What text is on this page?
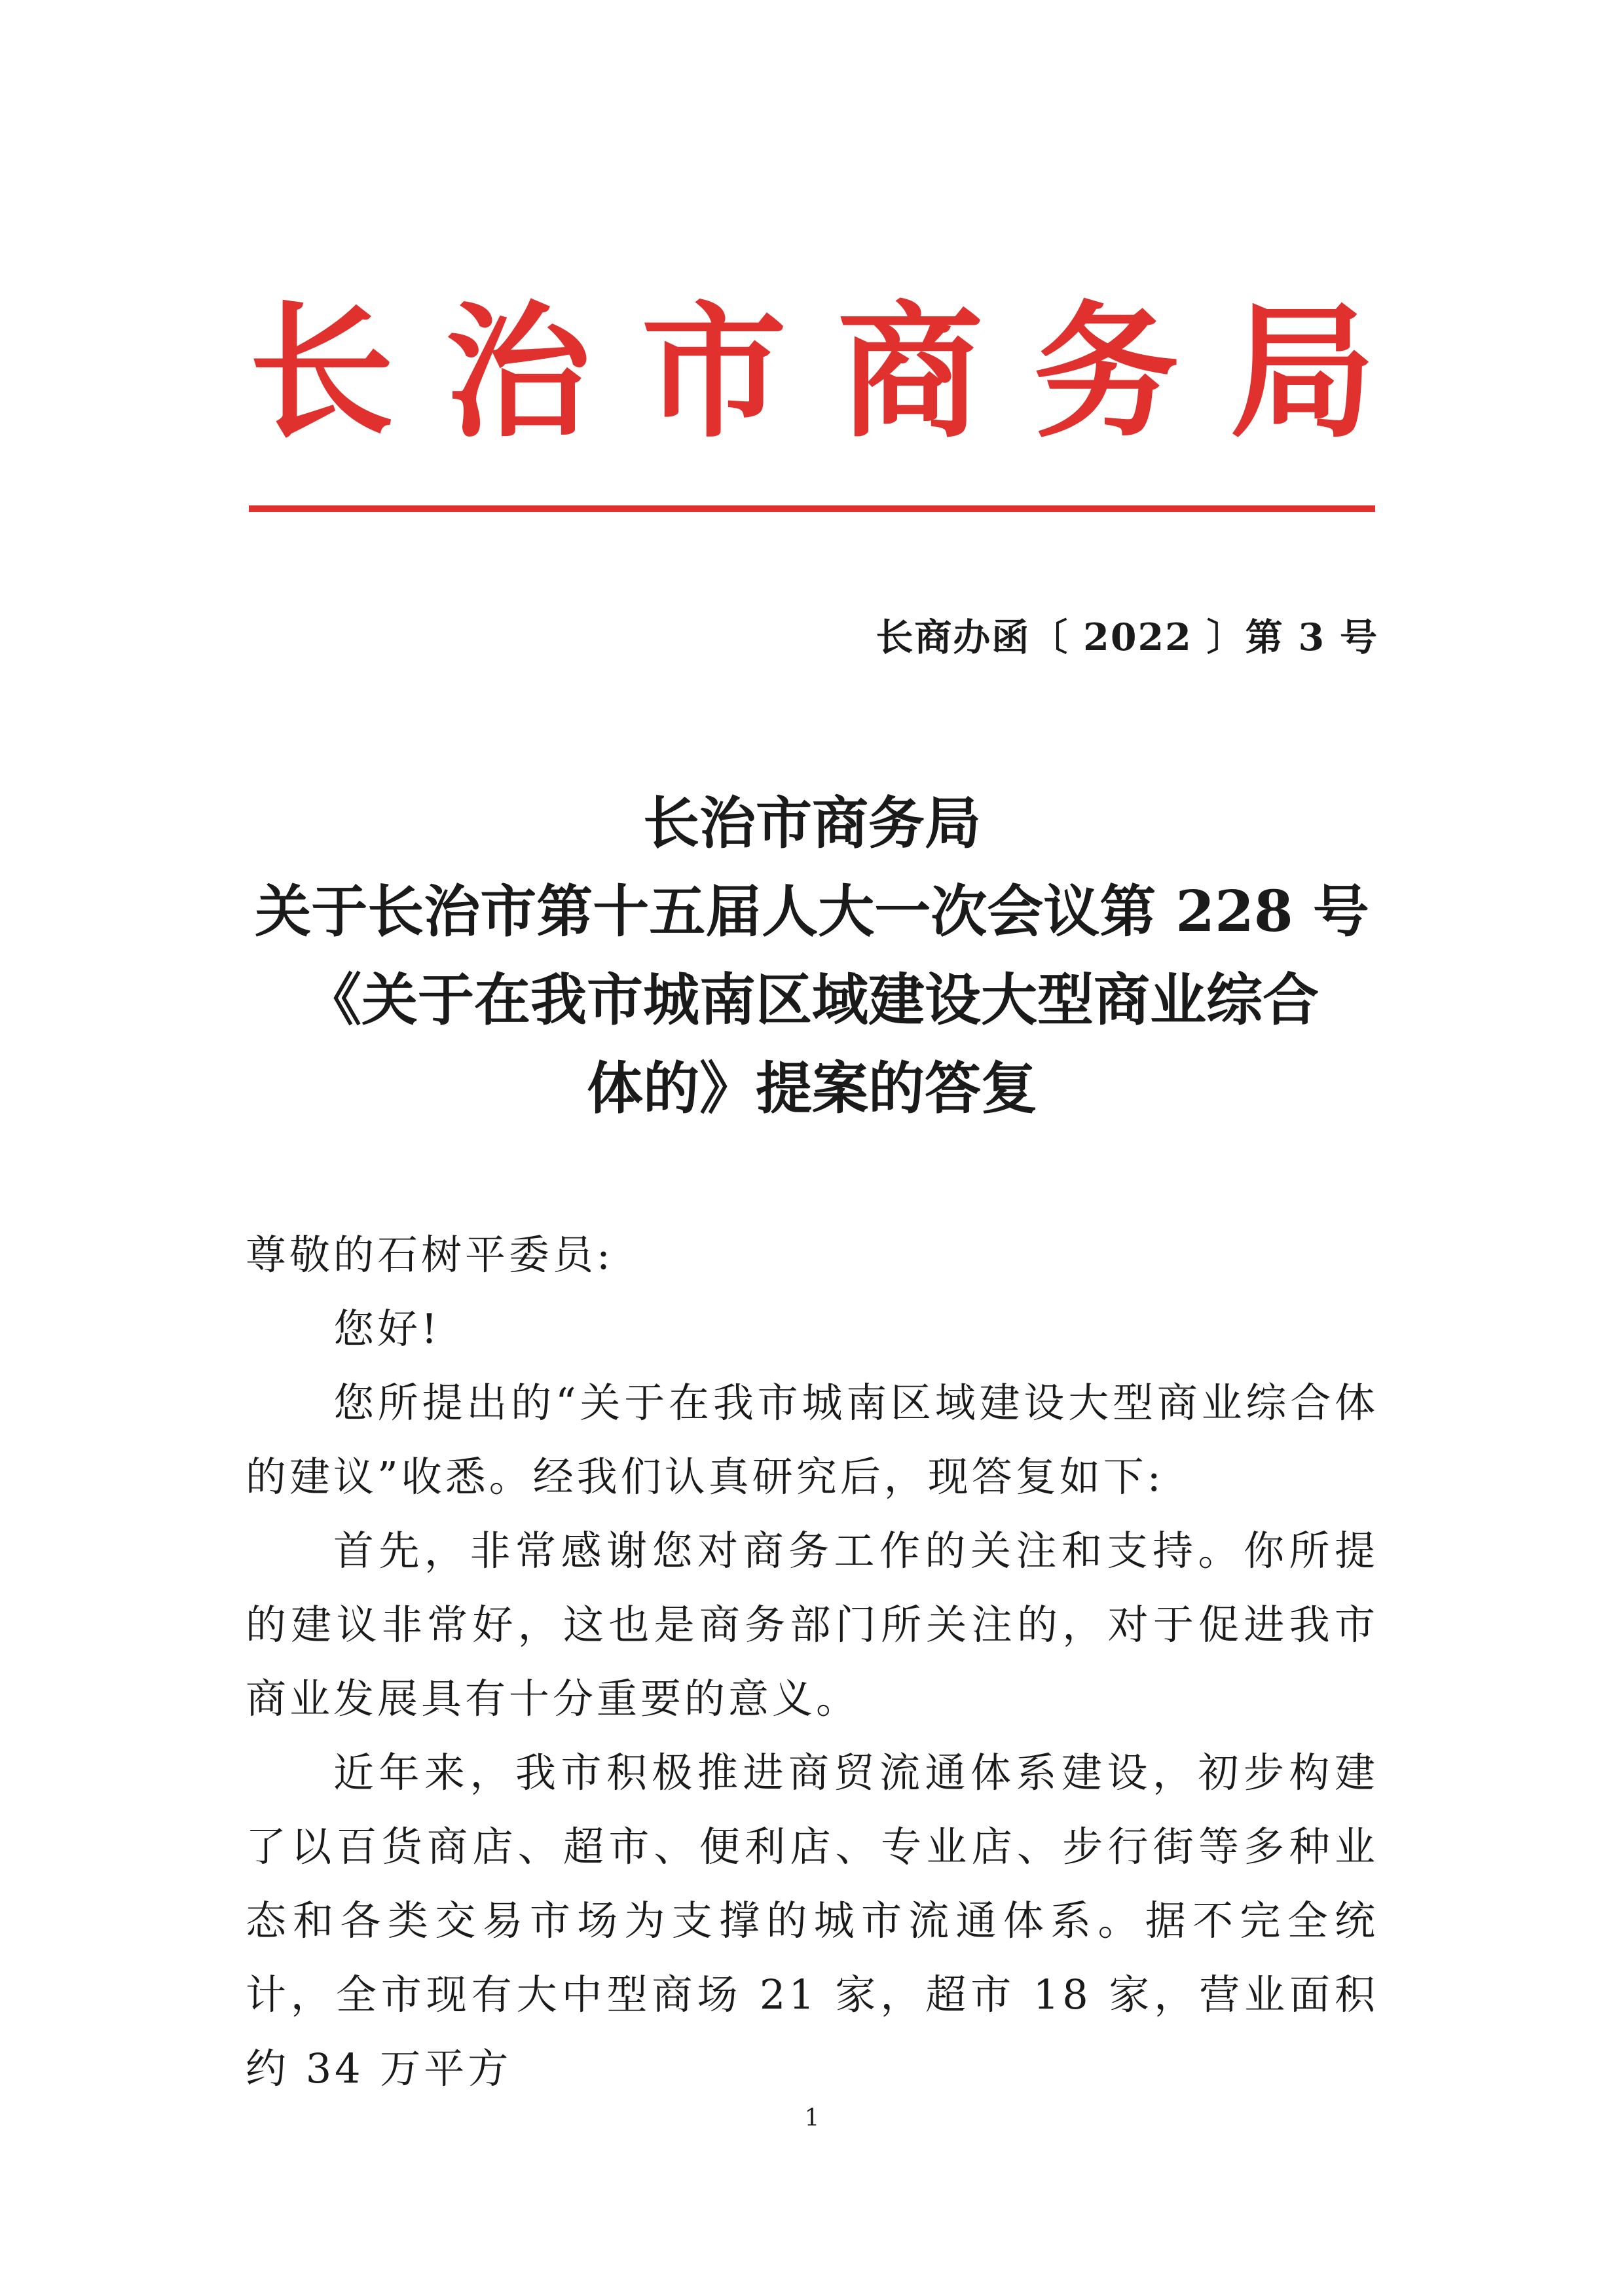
长 治 市 商 务 局
长商办函〔 2022 〕第 3 号
长治市商务局
关于长治市第十五届人大一次会议第 228 号
《关于在我市城南区域建设大型商业综合
体的》提案的答复

尊敬的石树平委员:

您好!

您所提出的“关于在我市城南区域建设大型商业综合体的建议”收悉。经我们认真研究后，现答复如下:

首先，非常感谢您对商务工作的关注和支持。你所提的建议非常好，这也是商务部门所关注的，对于促进我市商业发展具有十分重要的意义。

近年来，我市积极推进商贸流通体系建设，初步构建了以百货商店、超市、便利店、专业店、步行街等多种业态和各类交易市场为支撑的城市流通体系。据不完全统计，全市现有大中型商场 21 家，超市 18 家，营业面积约 34 万平方

1
